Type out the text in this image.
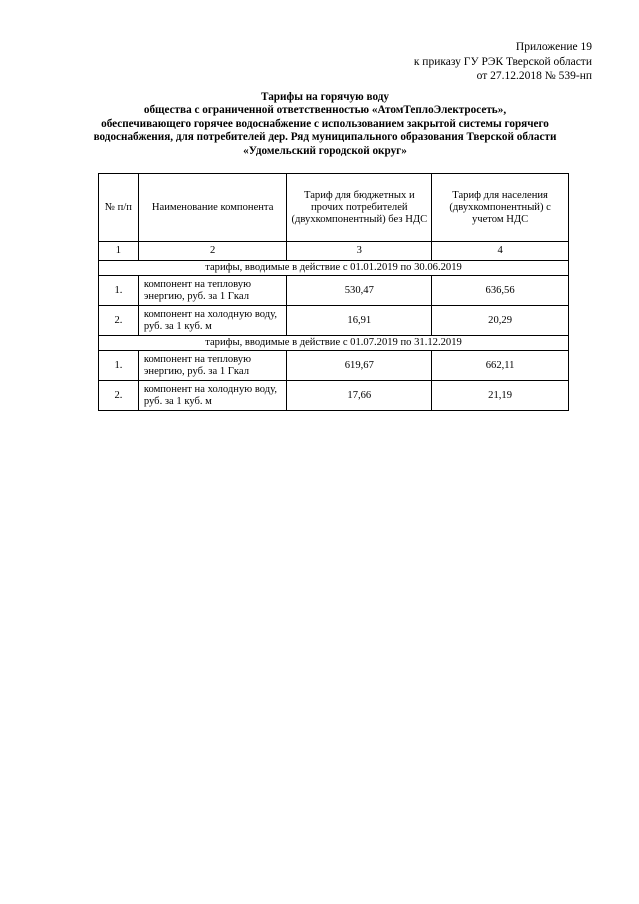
Приложение 19
к приказу ГУ РЭК Тверской области
от 27.12.2018 № 539-нп
Тарифы на горячую воду
общества с ограниченной ответственностью «АтомТеплоЭлектросеть»,
обеспечивающего горячее водоснабжение с использованием закрытой системы горячего
водоснабжения, для потребителей дер. Ряд муниципального образования Тверской области
«Удомельский городской округ»
№ п/п	Наименование компонента	Тариф для бюджетных и прочих потребителей (двухкомпонентный) без НДС	Тариф для населения (двухкомпонентный) с учетом НДС
1	2	3	4
тарифы, вводимые в действие с 01.01.2019 по 30.06.2019			
1.	компонент на тепловую энергию, руб. за 1 Гкал	530,47	636,56
2.	компонент на холодную воду, руб. за 1 куб. м	16,91	20,29
тарифы, вводимые в действие с 01.07.2019 по 31.12.2019			
1.	компонент на тепловую энергию, руб. за 1 Гкал	619,67	662,11
2.	компонент на холодную воду, руб. за 1 куб. м	17,66	21,19
